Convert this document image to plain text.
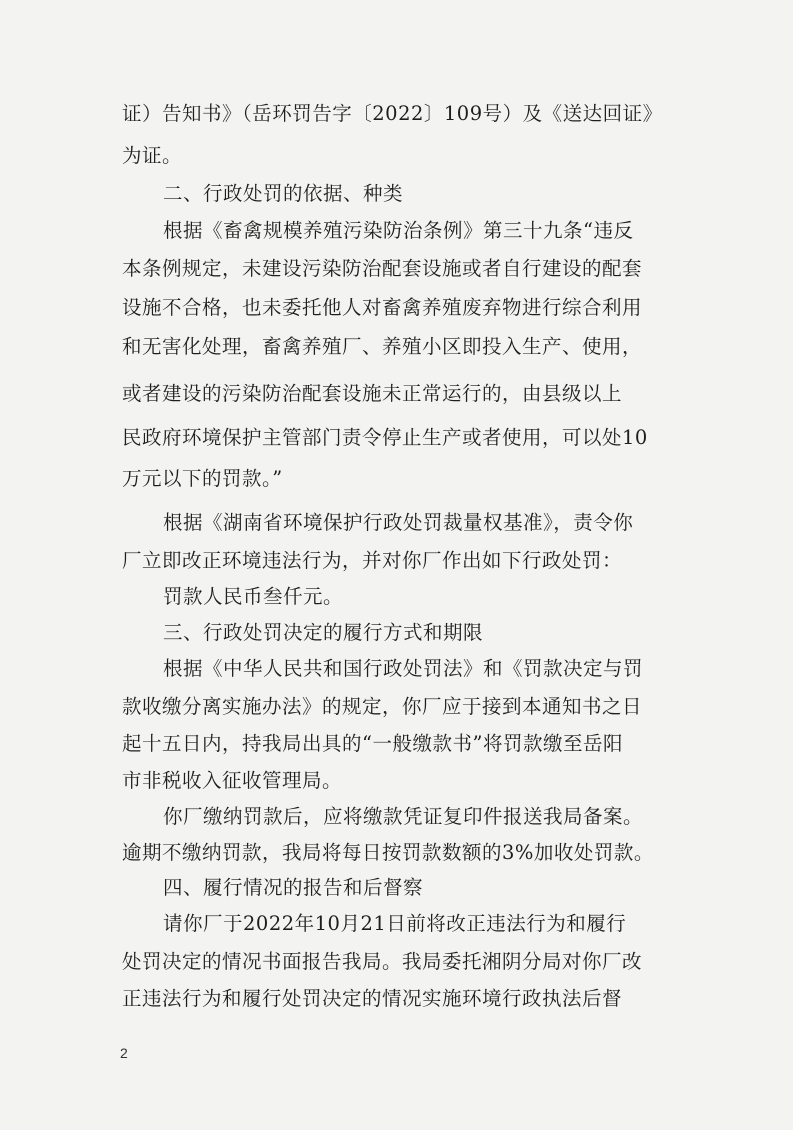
证）告知书》（岳环罚告字〔2022〕109号）及《送达回证》
为证。
二、行政处罚的依据、种类
根据《畜禽规模养殖污染防治条例》第三十九条“违反
本条例规定，未建设污染防治配套设施或者自行建设的配套
设施不合格，也未委托他人对畜禽养殖废弃物进行综合利用
和无害化处理，畜禽养殖厂、养殖小区即投入生产、使用，
或者建设的污染防治配套设施未正常运行的，由县级以上
民政府环境保护主管部门责令停止生产或者使用，可以处10
万元以下的罚款。”
根据《湖南省环境保护行政处罚裁量权基准》，责令你
厂立即改正环境违法行为，并对你厂作出如下行政处罚：
罚款人民币叁仟元。
三、行政处罚决定的履行方式和期限
根据《中华人民共和国行政处罚法》和《罚款决定与罚
款收缴分离实施办法》的规定，你厂应于接到本通知书之日
起十五日内，持我局出具的“一般缴款书”将罚款缴至岳阳
市非税收入征收管理局。
你厂缴纳罚款后，应将缴款凭证复印件报送我局备案。
逾期不缴纳罚款，我局将每日按罚款数额的3%加收处罚款。
四、履行情况的报告和后督察
请你厂于2022年10月21日前将改正违法行为和履行
处罚决定的情况书面报告我局。我局委托湘阴分局对你厂改
正违法行为和履行处罚决定的情况实施环境行政执法后督
2
